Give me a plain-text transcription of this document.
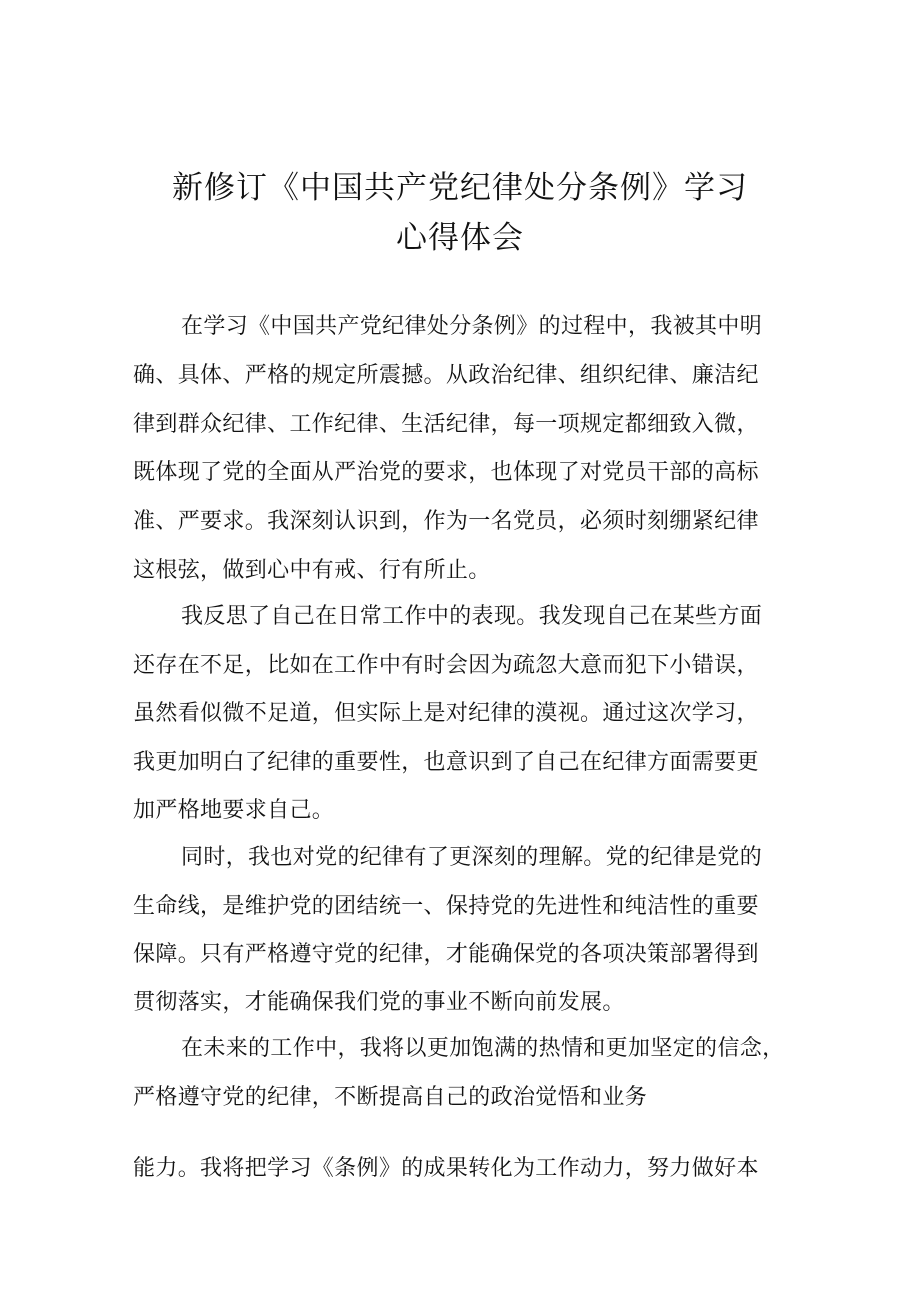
新修订《中国共产党纪律处分条例》学习
心得体会
在学习《中国共产党纪律处分条例》的过程中，我被其中明
确、具体、严格的规定所震撼。从政治纪律、组织纪律、廉洁纪
律到群众纪律、工作纪律、生活纪律，每一项规定都细致入微，
既体现了党的全面从严治党的要求，也体现了对党员干部的高标
准、严要求。我深刻认识到，作为一名党员，必须时刻绷紧纪律
这根弦，做到心中有戒、行有所止。
我反思了自己在日常工作中的表现。我发现自己在某些方面
还存在不足，比如在工作中有时会因为疏忽大意而犯下小错误，
虽然看似微不足道，但实际上是对纪律的漠视。通过这次学习，
我更加明白了纪律的重要性，也意识到了自己在纪律方面需要更
加严格地要求自己。
同时，我也对党的纪律有了更深刻的理解。党的纪律是党的
生命线，是维护党的团结统一、保持党的先进性和纯洁性的重要
保障。只有严格遵守党的纪律，才能确保党的各项决策部署得到
贯彻落实，才能确保我们党的事业不断向前发展。
在未来的工作中，我将以更加饱满的热情和更加坚定的信念，
严格遵守党的纪律，不断提高自己的政治觉悟和业务
能力。我将把学习《条例》的成果转化为工作动力，努力做好本
